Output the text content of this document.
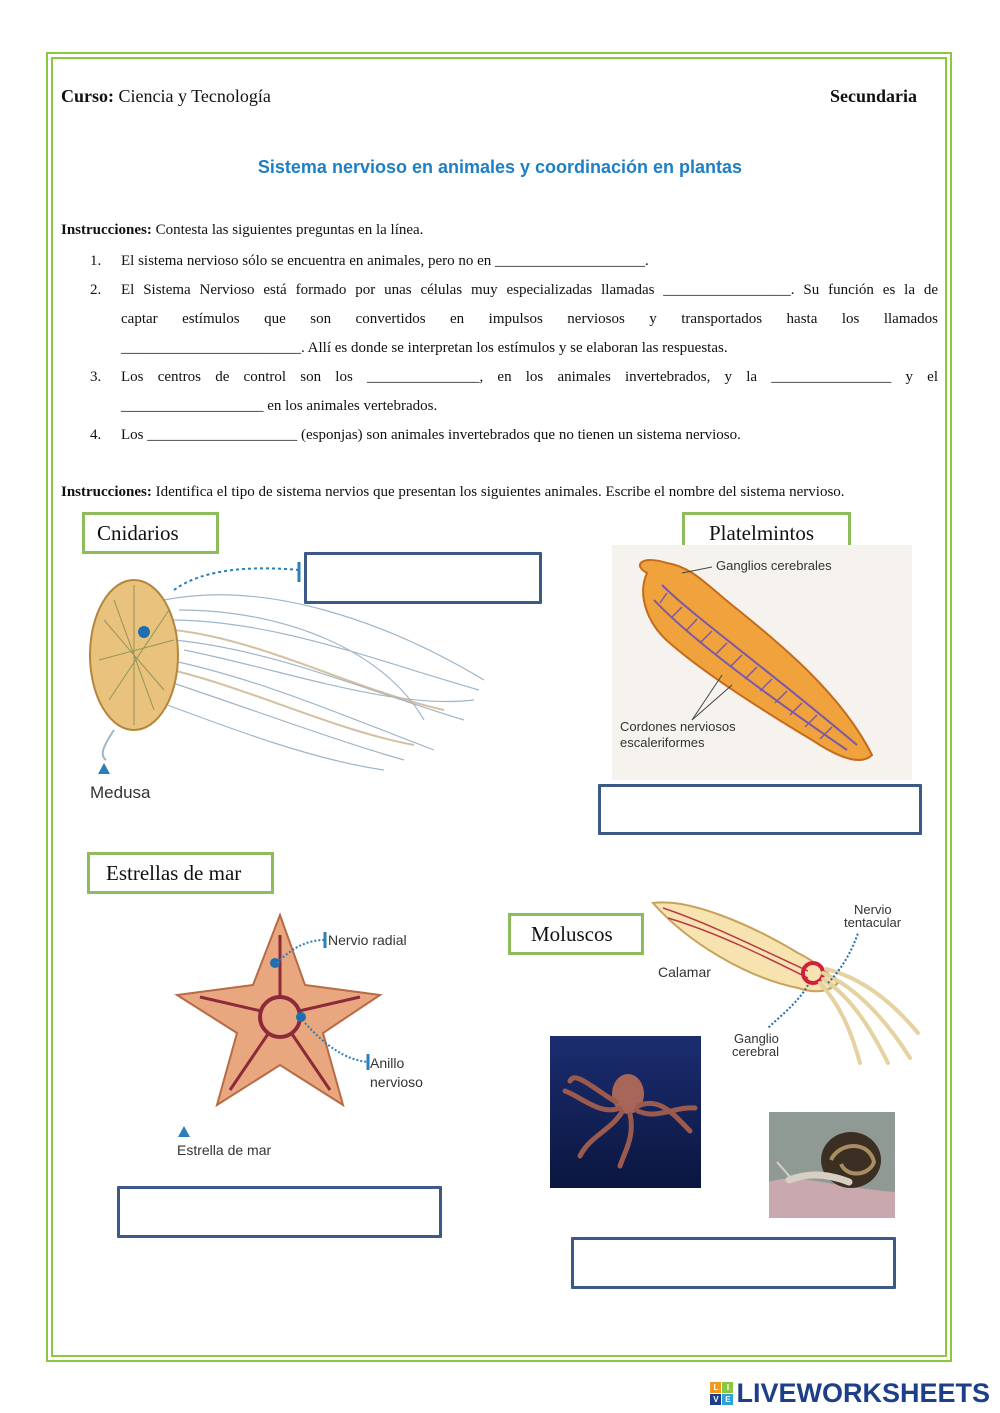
Curso: Ciencia y Tecnología	Secundaria
Sistema nervioso en animales y coordinación en plantas
Instrucciones: Contesta las siguientes preguntas en la línea.
1.	El sistema nervioso sólo se encuentra en animales, pero no en ____________________.
2.	El Sistema Nervioso está formado por unas células muy especializadas llamadas _________________. Su función es la de
captar estímulos que son convertidos en impulsos nerviosos y transportados hasta los llamados
________________________. Allí es donde se interpretan los estímulos y se elaboran las respuestas.
3.	Los centros de control son los _______________, en los animales invertebrados, y la ________________ y el
___________________ en los animales vertebrados.
4.	Los ____________________ (esponjas) son animales invertebrados que no tienen un sistema nervioso.
Instrucciones: Identifica el tipo de sistema nervios que presentan los siguientes animales. Escribe el nombre del sistema nervioso.
Cnidarios	Platelmintos
Estrellas de mar
Moluscos
Medusa
Ganglios cerebrales
Cordones nerviosos
escaleriformes
Nervio radial
Anillo
nervioso
Estrella de mar
Nervio
tentacular
Calamar
Ganglio
cerebral
L	I
V E LIVEWORKSHEETS
